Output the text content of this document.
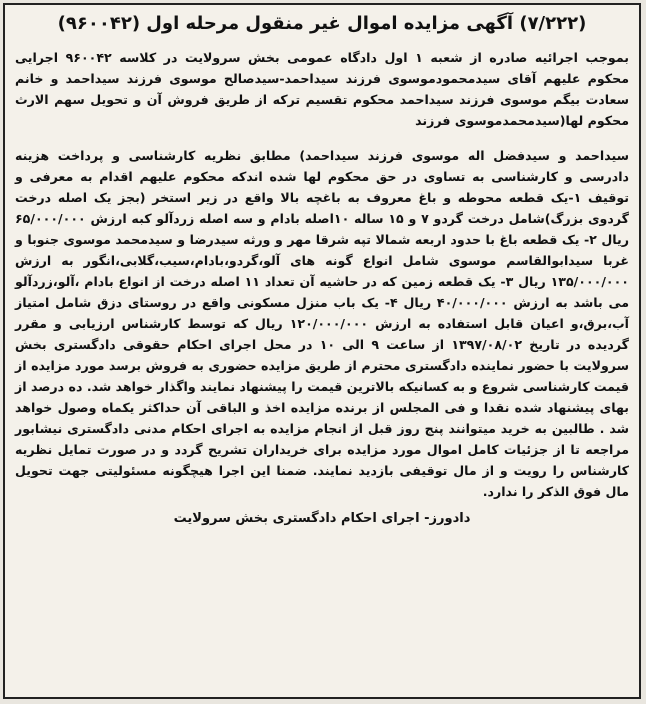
(۷/۲۲۲) آگهی مزایده اموال غیر منقول مرحله اول (۹۶۰۰۴۲)

بموجب اجرائیه صادره از شعبه ۱ اول دادگاه عمومی بخش سرولایت در کلاسه ۹۶۰۰۴۲ اجرایی محکوم علیهم آقای سیدمحمودموسوی فرزند سیداحمد-سیدصالح موسوی فرزند سیداحمد و خانم سعادت بیگم موسوی فرزند سیداحمد محکوم تقسیم ترکه از طریق فروش آن و تحویل سهم الارث محکوم لها(سیدمحمدموسوی فرزند

سیداحمد و سیدفضل اله موسوی فرزند سیداحمد) مطابق نظریه کارشناسی و پرداخت هزینه دادرسی و کارشناسی به تساوی در حق محکوم لها شده اندکه محکوم علیهم اقدام به معرفی و توقیف ۱-یک قطعه محوطه و باغ معروف به باغچه بالا واقع در زیر استخر (بجز یک اصله درخت گردوی بزرگ)شامل درخت گردو ۷ و ۱۵ ساله ۱۰اصله بادام و سه اصله زردآلو کبه ارزش ۶۵/۰۰۰/۰۰۰ ریال ۲- یک قطعه باغ با حدود اربعه شمالا تپه شرقا مهر و ورثه سیدرضا و سیدمحمد موسوی جنوبا و غربا سیدابوالقاسم موسوی شامل انواع گونه های آلو،گردو،بادام،سیب،گلابی،انگور به ارزش ۱۳۵/۰۰۰/۰۰۰ ریال ۳- یک قطعه زمین که در حاشیه آن تعداد ۱۱ اصله درخت از انواع بادام ،آلو،زردآلو می باشد به ارزش ۴۰/۰۰۰/۰۰۰ ریال ۴- یک باب منزل مسکونی واقع در روستای دزق شامل امتیاز آب،برق،و اعیان قابل استفاده به ارزش ۱۲۰/۰۰۰/۰۰۰ ریال که توسط کارشناس ارزیابی و مقرر گردیده در تاریخ ۱۳۹۷/۰۸/۰۲ از ساعت ۹ الی ۱۰ در محل اجرای احکام حقوقی دادگستری بخش سرولایت با حضور نماینده دادگستری محترم از طریق مزایده حضوری به فروش برسد مورد مزایده از قیمت کارشناسی شروع و به کسانیکه بالاترین قیمت را پیشنهاد نمایند واگذار خواهد شد. ده درصد از بهای پیشنهاد شده نقدا و فی المجلس از برنده مزایده اخذ و الباقی آن حداکثر یکماه وصول خواهد شد . طالبین به خرید میتوانند پنج روز قبل از انجام مزایده به اجرای احکام مدنی دادگستری نیشابور مراجعه تا از جزئیات کامل اموال مورد مزایده برای خریداران تشریح گردد و در صورت تمایل نظریه کارشناس را رویت و از مال توقیفی بازدید نمایند. ضمنا این اجرا هیچگونه مسئولیتی جهت تحویل مال فوق الذکر را ندارد.

دادورز- اجرای احکام دادگستری بخش سرولایت
